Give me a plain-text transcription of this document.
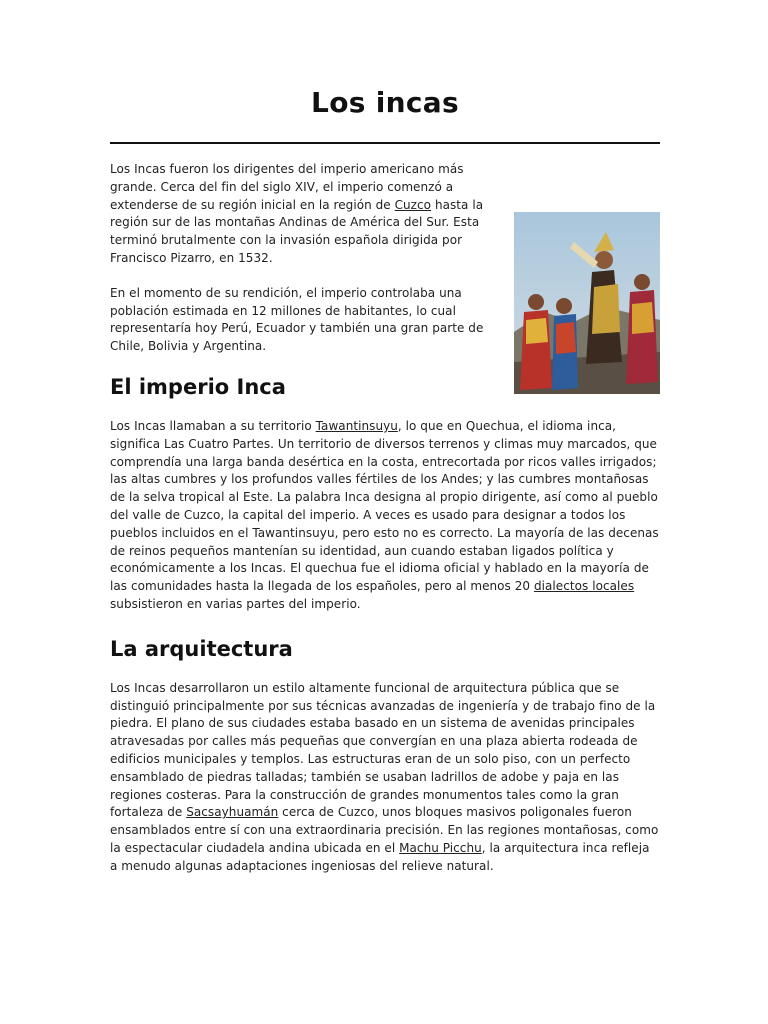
Los incas

Los Incas fueron los dirigentes del imperio americano más grande. Cerca del fin del siglo XIV, el imperio comenzó a extenderse de su región inicial en la región de Cuzco hasta la región sur de las montañas Andinas de América del Sur. Esta terminó brutalmente con la invasión española dirigida por Francisco Pizarro, en 1532.

En el momento de su rendición, el imperio controlaba una población estimada en 12 millones de habitantes, lo cual representaría hoy Perú, Ecuador y también una gran parte de Chile, Bolivia y Argentina.

El imperio Inca

Los Incas llamaban a su territorio Tawantinsuyu, lo que en Quechua, el idioma inca, significa Las Cuatro Partes. Un territorio de diversos terrenos y climas muy marcados, que comprendía una larga banda desértica en la costa, entrecortada por ricos valles irrigados; las altas cumbres y los profundos valles fértiles de los Andes; y las cumbres montañosas de la selva tropical al Este. La palabra Inca designa al propio dirigente, así como al pueblo del valle de Cuzco, la capital del imperio. A veces es usado para designar a todos los pueblos incluidos en el Tawantinsuyu, pero esto no es correcto. La mayoría de las decenas de reinos pequeños mantenían su identidad, aun cuando estaban ligados política y económicamente a los Incas. El quechua fue el idioma oficial y hablado en la mayoría de las comunidades hasta la llegada de los españoles, pero al menos 20 dialectos locales subsistieron en varias partes del imperio.

La arquitectura

Los Incas desarrollaron un estilo altamente funcional de arquitectura pública que se distinguió principalmente por sus técnicas avanzadas de ingeniería y de trabajo fino de la piedra. El plano de sus ciudades estaba basado en un sistema de avenidas principales atravesadas por calles más pequeñas que convergían en una plaza abierta rodeada de edificios municipales y templos. Las estructuras eran de un solo piso, con un perfecto ensamblado de piedras talladas; también se usaban ladrillos de adobe y paja en las regiones costeras. Para la construcción de grandes monumentos tales como la gran fortaleza de Sacsayhuamán cerca de Cuzco, unos bloques masivos poligonales fueron ensamblados entre sí con una extraordinaria precisión. En las regiones montañosas, como la espectacular ciudadela andina ubicada en el Machu Picchu, la arquitectura inca refleja a menudo algunas adaptaciones ingeniosas del relieve natural.
